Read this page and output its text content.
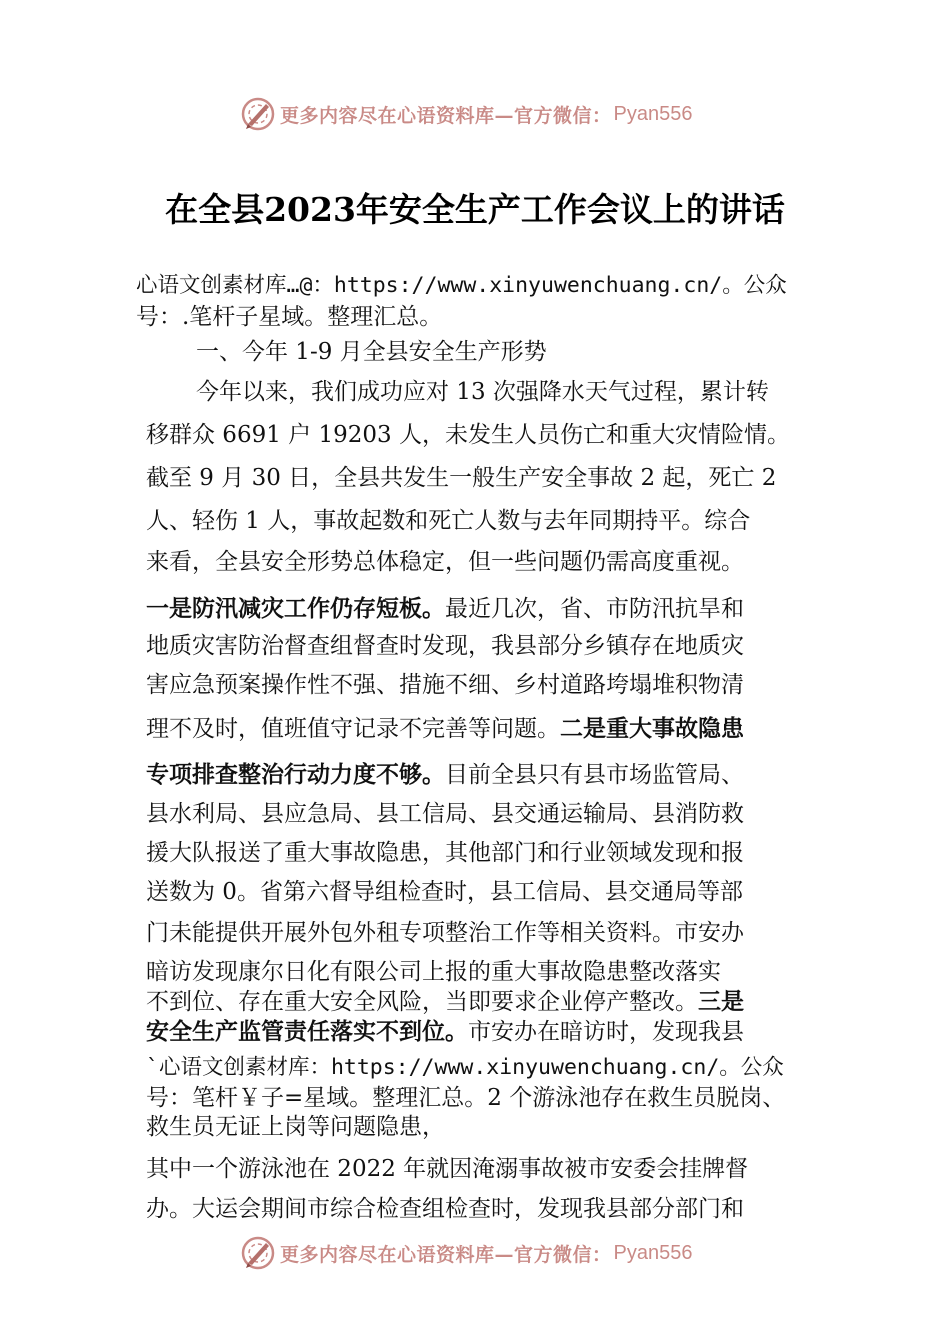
更多内容尽在心语资料库—官方微信： Pyan556
在全县2023年安全生产工作会议上的讲话
心语文创素材库…@：https://www.xinyuwenchuang.cn/。公众
号：.笔杆子星域。整理汇总。
一、今年 1-9 月全县安全生产形势
今年以来，我们成功应对 13 次强降水天气过程，累计转
移群众 6691 户 19203 人，未发生人员伤亡和重大灾情险情。
截至 9 月 30 日，全县共发生一般生产安全事故 2 起，死亡 2
人、轻伤 1 人，事故起数和死亡人数与去年同期持平。综合
来看，全县安全形势总体稳定，但一些问题仍需高度重视。
一是防汛减灾工作仍存短板。最近几次，省、市防汛抗旱和
地质灾害防治督查组督查时发现，我县部分乡镇存在地质灾
害应急预案操作性不强、措施不细、乡村道路垮塌堆积物清
理不及时，值班值守记录不完善等问题。二是重大事故隐患
专项排查整治行动力度不够。目前全县只有县市场监管局、
县水利局、县应急局、县工信局、县交通运输局、县消防救
援大队报送了重大事故隐患，其他部门和行业领域发现和报
送数为 0。省第六督导组检查时，县工信局、县交通局等部
门未能提供开展外包外租专项整治工作等相关资料。市安办
暗访发现康尔日化有限公司上报的重大事故隐患整改落实
不到位、存在重大安全风险，当即要求企业停产整改。三是
安全生产监管责任落实不到位。市安办在暗访时，发现我县
`心语文创素材库：https://www.xinyuwenchuang.cn/。公众
号：笔杆￥子=星域。整理汇总。2 个游泳池存在救生员脱岗、
救生员无证上岗等问题隐患，
其中一个游泳池在 2022 年就因淹溺事故被市安委会挂牌督
办。大运会期间市综合检查组检查时，发现我县部分部门和
更多内容尽在心语资料库—官方微信： Pyan556
